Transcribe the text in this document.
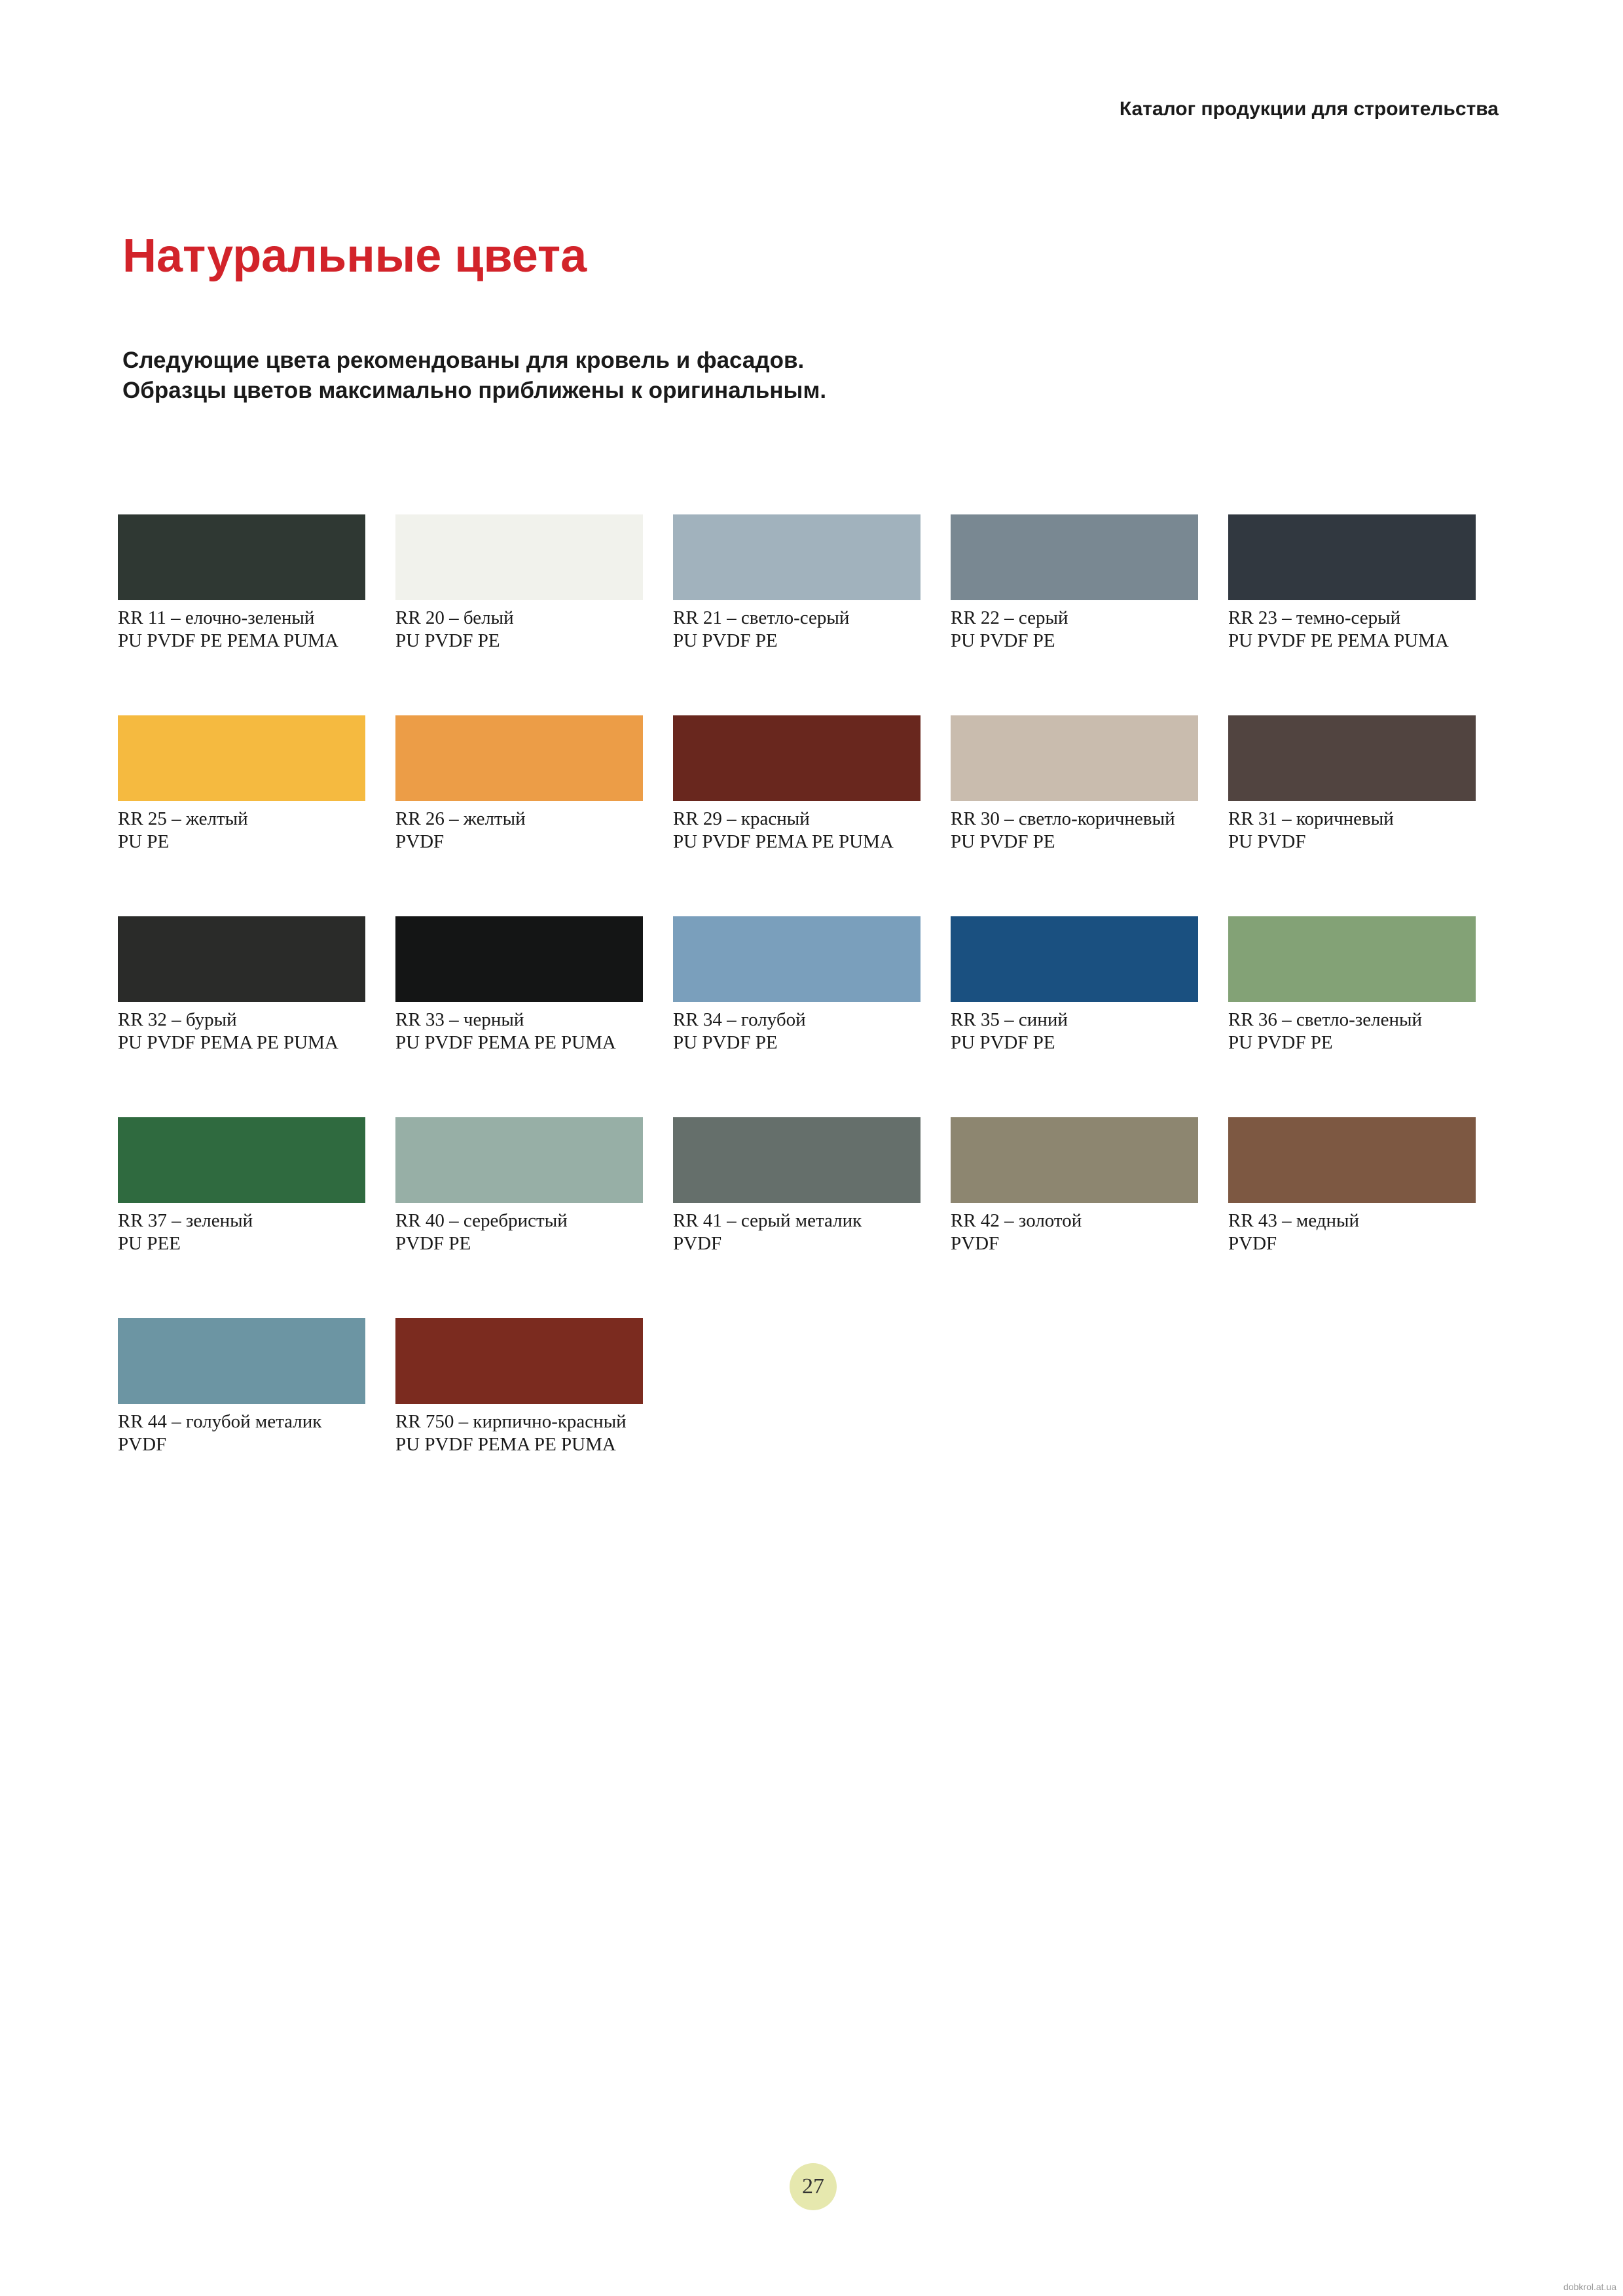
Каталог продукции для строительства
Натуральные цвета
Следующие цвета рекомендованы для кровель и фасадов.
Образцы цветов максимально приближены к оригинальным.
RR 11 – елочно-зеленый
PU PVDF PE PEMA PUMA
RR 20 – белый
PU PVDF PE
RR 21 – светло-серый
PU PVDF PE
RR 22 – серый
PU PVDF PE
RR 23 – темно-серый
PU PVDF PE PEMA PUMA
RR 25 – желтый
PU PE
RR 26 – желтый
PVDF
RR 29 – красный
PU PVDF PEMA PE PUMA
RR 30 – светло-коричневый
PU PVDF PE
RR 31 – коричневый
PU PVDF
RR 32 – бурый
PU PVDF PEMA PE PUMA
RR 33 – черный
PU PVDF PEMA PE PUMA
RR 34 – голубой
PU PVDF PE
RR 35 – синий
PU PVDF PE
RR 36 – светло-зеленый
PU PVDF PE
RR 37 – зеленый
PU PEE
RR 40 – серебристый
PVDF PE
RR 41 – серый металик
PVDF
RR 42 – золотой
PVDF
RR 43 – медный
PVDF
RR 44 – голубой металик
PVDF
RR 750 – кирпично-красный
PU PVDF PEMA PE PUMA
27
dobkrol.at.ua
